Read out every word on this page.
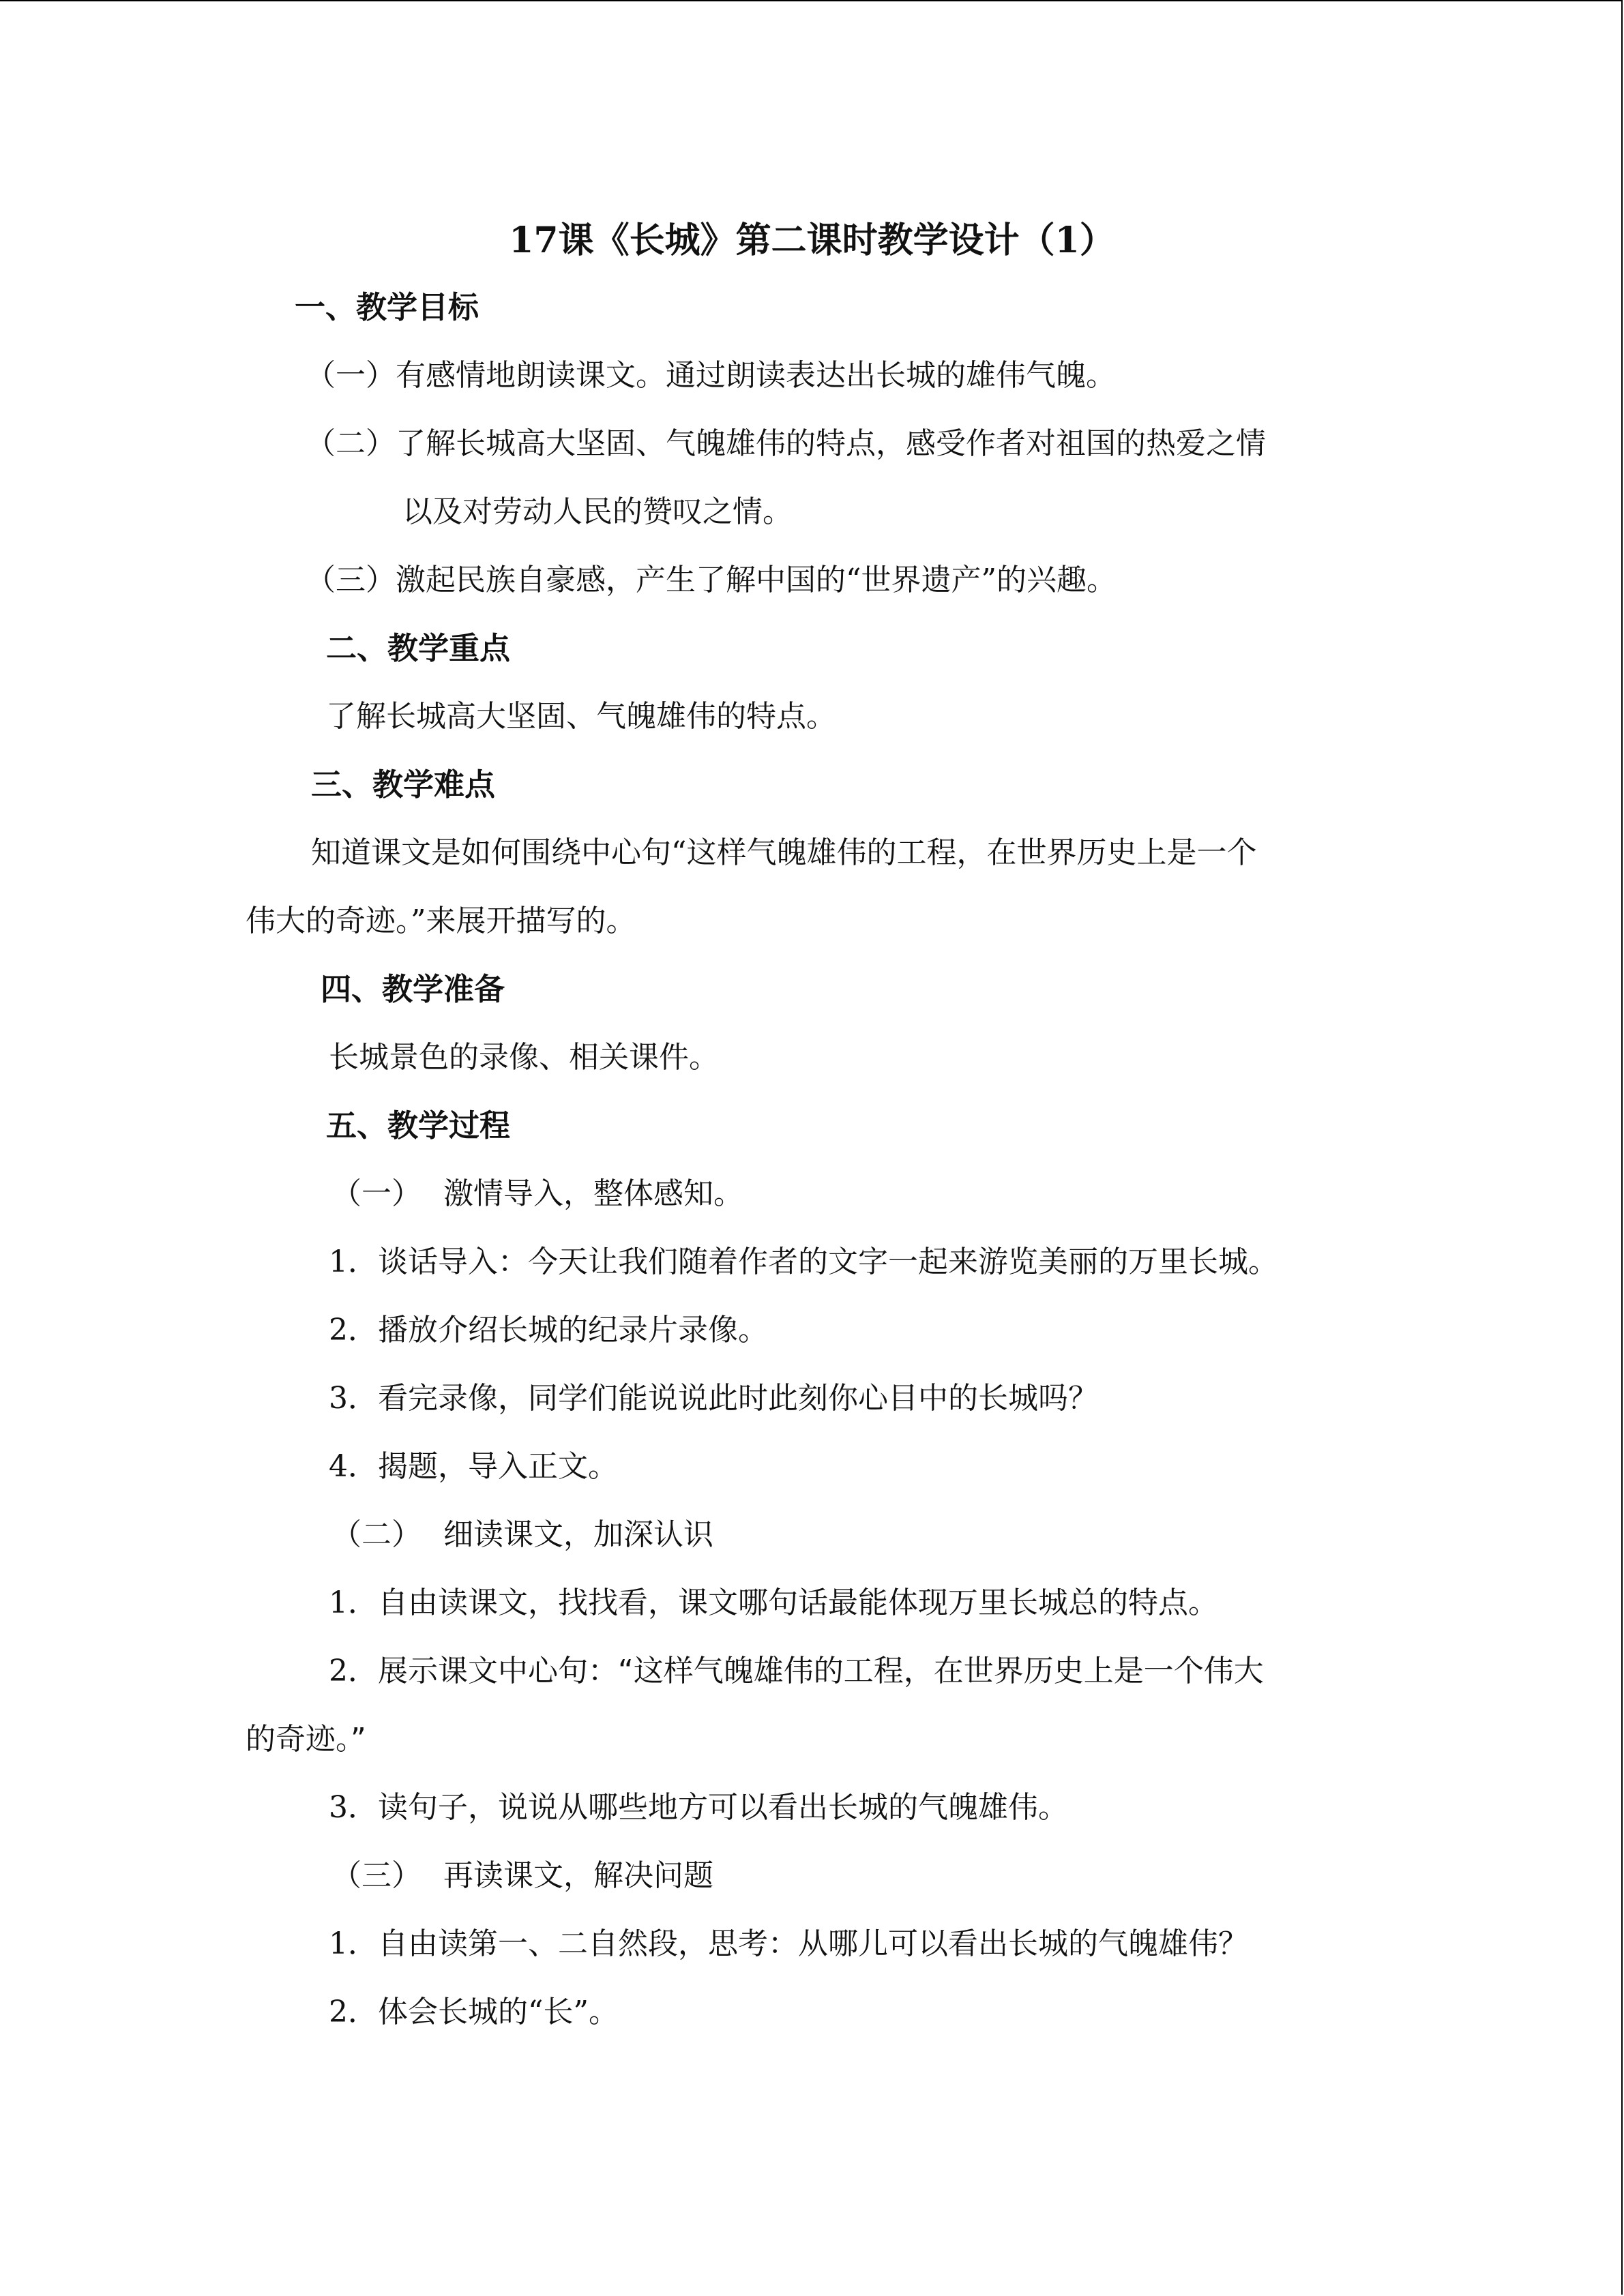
17课《长城》第二课时教学设计（1）
一、教学目标
（一）有感情地朗读课文。通过朗读表达出长城的雄伟气魄。
（二）了解长城高大坚固、气魄雄伟的特点，感受作者对祖国的热爱之情
以及对劳动人民的赞叹之情。
（三）激起民族自豪感，产生了解中国的“世界遗产”的兴趣。
二、教学重点
了解长城高大坚固、气魄雄伟的特点。
三、教学难点
知道课文是如何围绕中心句“这样气魄雄伟的工程，在世界历史上是一个
伟大的奇迹。”来展开描写的。
四、教学准备
长城景色的录像、相关课件。
五、教学过程
（一） 激情导入，整体感知。
1．谈话导入：今天让我们随着作者的文字一起来游览美丽的万里长城。
2．播放介绍长城的纪录片录像。
3．看完录像，同学们能说说此时此刻你心目中的长城吗？
4．揭题，导入正文。
（二） 细读课文，加深认识
1．自由读课文，找找看，课文哪句话最能体现万里长城总的特点。
2．展示课文中心句：“这样气魄雄伟的工程，在世界历史上是一个伟大
的奇迹。”
3．读句子，说说从哪些地方可以看出长城的气魄雄伟。
（三） 再读课文，解决问题
1．自由读第一、二自然段，思考：从哪儿可以看出长城的气魄雄伟？
2．体会长城的“长”。
